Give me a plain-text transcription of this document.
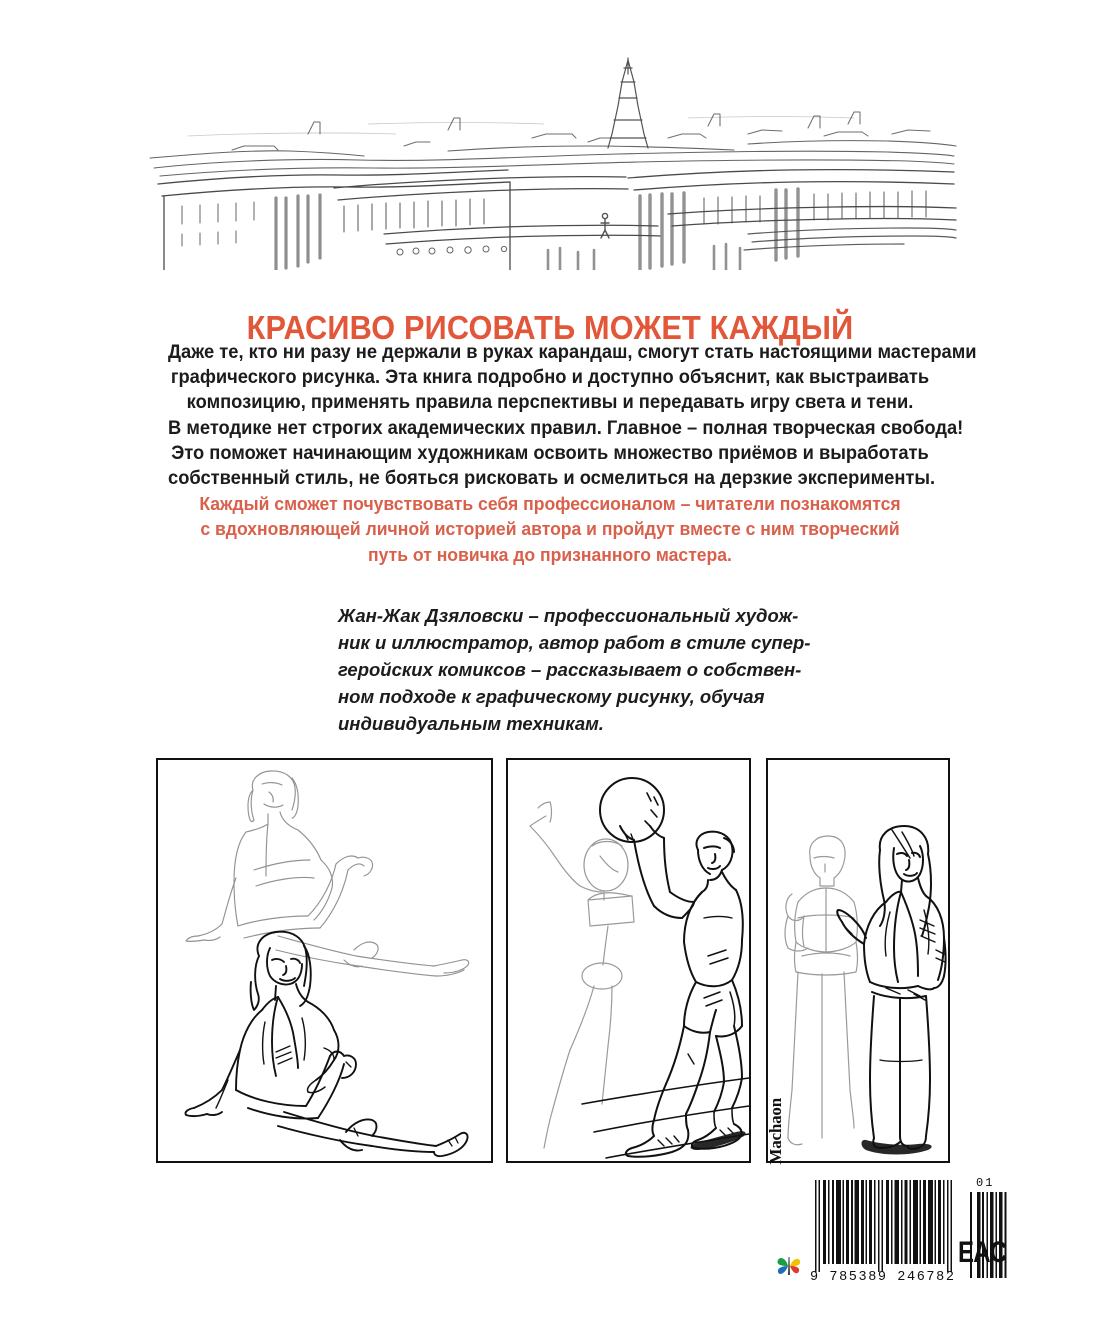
КРАСИВО РИСОВАТЬ МОЖЕТ КАЖДЫЙ
Даже те, кто ни разу не держали в руках карандаш, смогут стать настоящими мастерами
графического рисунка. Эта книга подробно и доступно объяснит, как выстраивать
композицию, применять правила перспективы и передавать игру света и тени.
В методике нет строгих академических правил. Главное – полная творческая свобода!
Это поможет начинающим художникам освоить множество приёмов и выработать
собственный стиль, не бояться рисковать и осмелиться на дерзкие эксперименты.
Каждый сможет почувствовать себя профессионалом – читатели познакомятся
с вдохновляющей личной историей автора и пройдут вместе с ним творческий
путь от новичка до признанного мастера.
Жан-Жак Дзяловски – профессиональный худож-
ник и иллюстратор, автор работ в стиле супер-
геройских комиксов – рассказывает о собствен-
ном подходе к графическому рисунку, обучая
индивидуальным техникам.
Machaon
9 785389 246782
01
EAC
